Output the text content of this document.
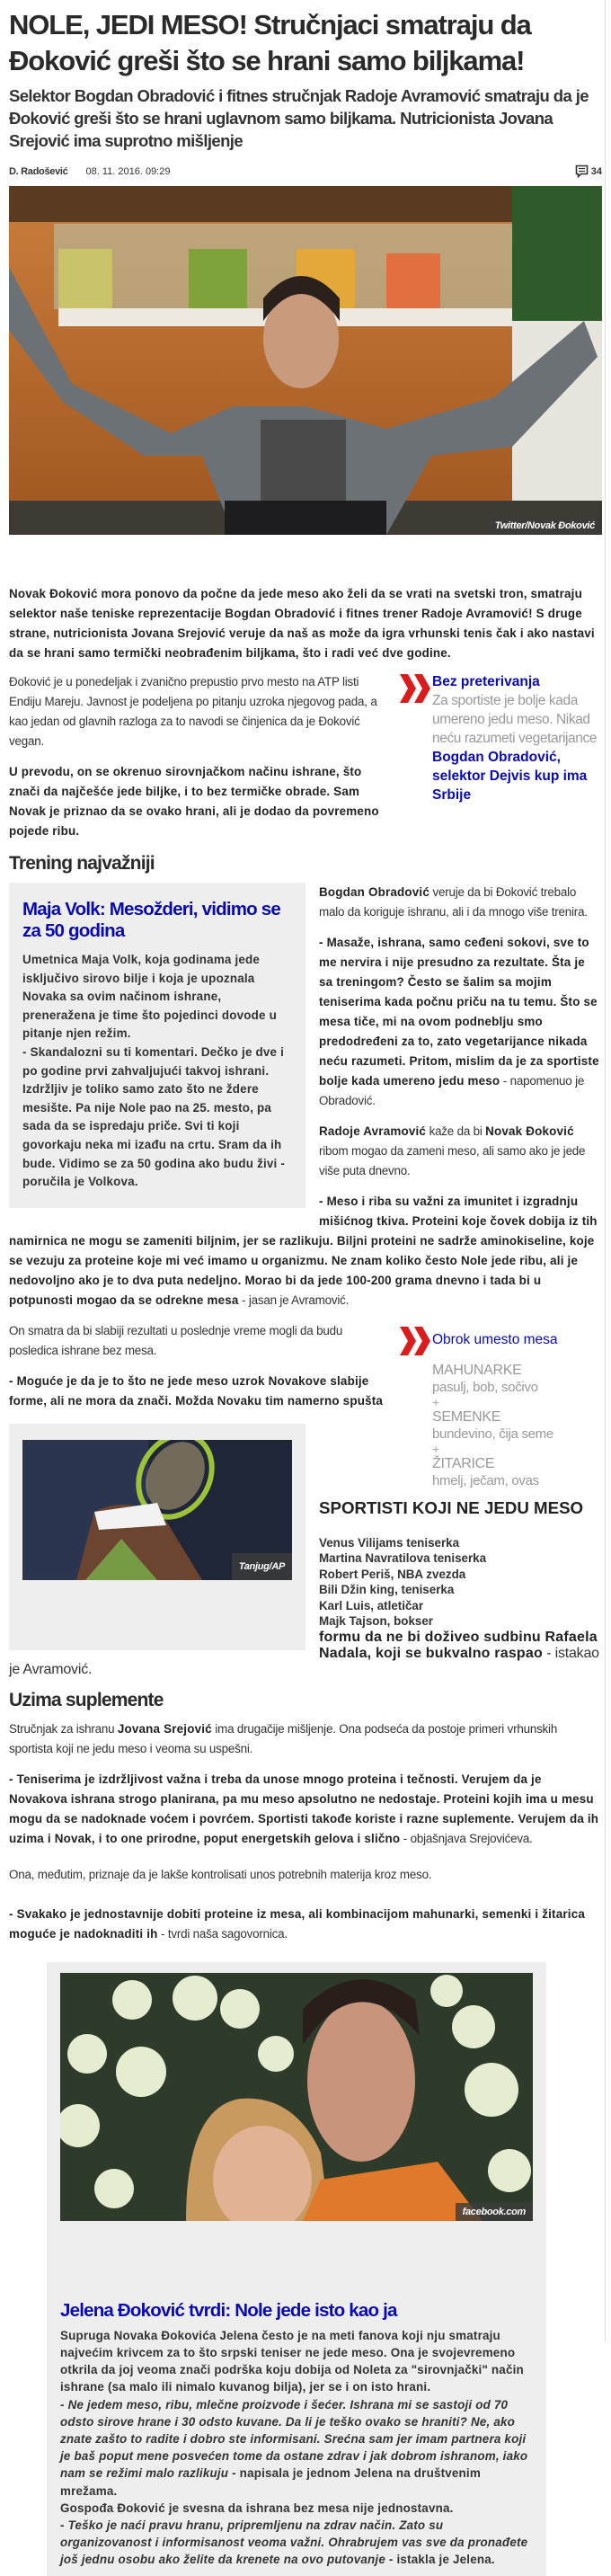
NOLE, JEDI MESO! Stručnjaci smatraju da Đoković greši što se hrani samo biljkama!
Selektor Bogdan Obradović i fitnes stručnjak Radoje Avramović smatraju da je Đoković greši što se hrani uglavnom samo biljkama. Nutricionista Jovana Srejović ima suprotno mišljenje
D. Radošević 08. 11. 2016. 09:29	34
Twitter/Novak Đoković

Novak Đoković mora ponovo da počne da jede meso ako želi da se vrati na svetski tron, smatraju selektor naše teniske reprezentacije Bogdan Obradović i fitnes trener Radoje Avramović! S druge strane, nutricionista Jovana Srejović veruje da naš as može da igra vrhunski tenis čak i ako nastavi da se hrani samo termički neobrađenim biljkama, što i radi već dve godine.

Bez preterivanja
Za sportiste je bolje kada umereno jedu meso. Nikad neću razumeti vegetarijance
Bogdan Obradović, selektor Dejvis kup ima Srbije

Đoković je u ponedeljak i zvanično prepustio prvo mesto na ATP listi Endiju Mareju. Javnost je podeljena po pitanju uzroka njegovog pada, a kao jedan od glavnih razloga za to navodi se činjenica da je Đoković vegan.

U prevodu, on se okrenuo sirovnjačkom načinu ishrane, što znači da najčešće jede biljke, i to bez termičke obrade. Sam Novak je priznao da se ovako hrani, ali je dodao da povremeno pojede ribu.

Trening najvažniji
Maja Volk: Mesožderi, vidimo se za 50 godina
Umetnica Maja Volk, koja godinama jede isključivo sirovo bilje i koja je upoznala Novaka sa ovim načinom ishrane, preneražena je time što pojedinci dovode u pitanje njen režim.
- Skandalozni su ti komentari. Dečko je dve i po godine prvi zahvaljujući takvoj ishrani. Izdržljiv je toliko samo zato što ne ždere mesište. Pa nije Nole pao na 25. mesto, pa sada da se ispredaju priče. Svi ti koji govorkaju neka mi izađu na crtu. Sram da ih bude. Vidimo se za 50 godina ako budu živi - poručila je Volkova.

Bogdan Obradović veruje da bi Đoković trebalo malo da koriguje ishranu, ali i da mnogo više trenira.

- Masaže, ishrana, samo ceđeni sokovi, sve to me nervira i nije presudno za rezultate. Šta je sa treningom? Često se šalim sa mojim teniserima kada počnu priču na tu temu. Što se mesa tiče, mi na ovom podneblju smo predodređeni za to, zato vegetarijance nikada neću razumeti. Pritom, mislim da je za sportiste bolje kada umereno jedu meso - napomenuo je Obradović.

Radoje Avramović kaže da bi Novak Đoković ribom mogao da zameni meso, ali samo ako je jede više puta dnevno.

- Meso i riba su važni za imunitet i izgradnju mišićnog tkiva. Proteini koje čovek dobija iz tih namirnica ne mogu se zameniti biljnim, jer se razlikuju. Biljni proteini ne sadrže aminokiseline, koje se vezuju za proteine koje mi već imamo u organizmu. Ne znam koliko često Nole jede ribu, ali je nedovoljno ako je to dva puta nedeljno. Morao bi da jede 100-200 grama dnevno i tada bi u potpunosti mogao da se odrekne mesa - jasan je Avramović.

Obrok umesto mesa
MAHUNARKE
pasulj, bob, sočivo
+
SEMENKE
bundevino, čija seme
+
ŽITARICE
hmelj, ječam, ovas

On smatra da bi slabiji rezultati u poslednje vreme mogli da budu posledica ishrane bez mesa.

- Moguće je da je to što ne jede meso uzrok Novakove slabije forme, ali ne mora da znači. Možda Novaku tim namerno spušta
Tanjug/AP

SPORTISTI KOJI NE JEDU MESO
Venus Vilijams teniserka
Martina Navratilova teniserka
Robert Periš, NBA zvezda
Bili Džin king, teniserka
Karl Luis, atletičar
Majk Tajson, bokser
formu da ne bi doživeo sudbinu Rafaela Nadala, koji se bukvalno raspao - istakao je Avramović.

Uzima suplemente

Stručnjak za ishranu Jovana Srejović ima drugačije mišljenje. Ona podseća da postoje primeri vrhunskih sportista koji ne jedu meso i veoma su uspešni.

- Teniserima je izdržljivost važna i treba da unose mnogo proteina i tečnosti. Verujem da je Novakova ishrana strogo planirana, pa mu meso apsolutno ne nedostaje. Proteini kojih ima u mesu mogu da se nadoknade voćem i povrćem. Sportisti takođe koriste i razne suplemente. Verujem da ih uzima i Novak, i to one prirodne, poput energetskih gelova i slično - objašnjava Srejovićeva.

Ona, međutim, priznaje da je lakše kontrolisati unos potrebnih materija kroz meso.

- Svakako je jednostavnije dobiti proteine iz mesa, ali kombinacijom mahunarki, semenki i žitarica moguće je nadoknaditi ih - tvrdi naša sagovornica.

facebook.com
Jelena Đoković tvrdi: Nole jede isto kao ja
Supruga Novaka Đokovića Jelena često je na meti fanova koji nju smatraju najvećim krivcem za to što srpski teniser ne jede meso. Ona je svojevremeno otkrila da joj veoma znači podrška koju dobija od Noleta za "sirovnjački" način ishrane (sa malo ili nimalo kuvanog bilja), jer se i on isto hrani.
- Ne jedem meso, ribu, mlečne proizvode i šećer. Ishrana mi se sastoji od 70 odsto sirove hrane i 30 odsto kuvane. Da li je teško ovako se hraniti? Ne, ako znate zašto to radite i dobro ste informisani. Srećna sam jer imam partnera koji je baš poput mene posvećen tome da ostane zdrav i jak dobrom ishranom, iako nam se režimi malo razlikuju - napisala je jednom Jelena na društvenim mrežama.
Gospođa Đoković je svesna da ishrana bez mesa nije jednostavna.
- Teško je naći pravu hranu, pripremljenu na zdrav način. Zato su organizovanost i informisanost veoma važni. Ohrabrujem vas sve da pronađete još jednu osobu ako želite da krenete na ovo putovanje - istakla je Jelena.
